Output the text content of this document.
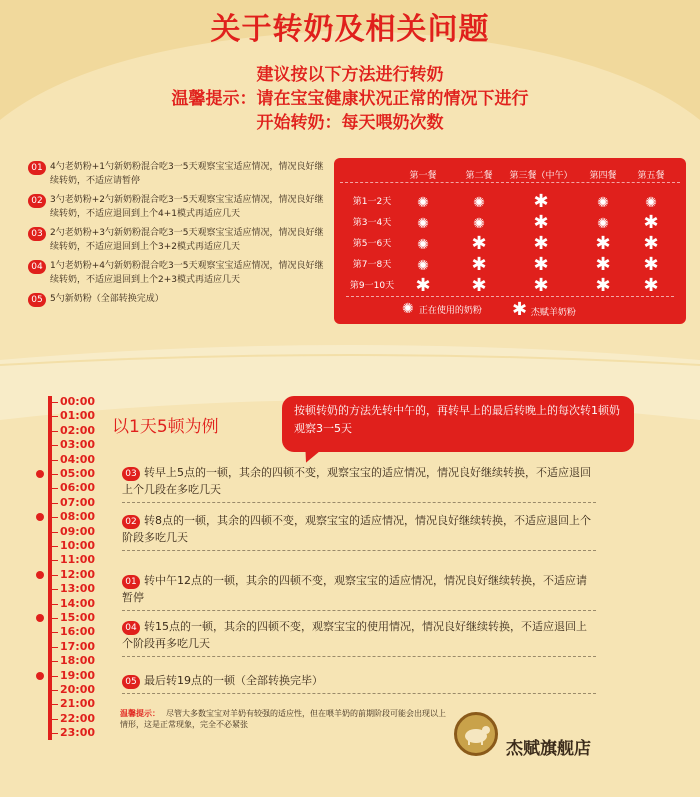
关于转奶及相关问题
建议按以下方法进行转奶
温馨提示：请在宝宝健康状况正常的情况下进行
开始转奶：每天喂奶次数
01 4勺老奶粉+1勺新奶粉混合吃3一5天观察宝宝适应情况，情况良好继续转奶，不适应请暂停
02 3勺老奶粉+2勺新奶粉混合吃3一5天观察宝宝适应情况，情况良好继续转奶，不适应退回到上个4+1模式再适应几天
03 2勺老奶粉+3勺新奶粉混合吃3一5天观察宝宝适应情况，情况良好继续转奶，不适应退回到上个3+2模式再适应几天
04 1勺老奶粉+4勺新奶粉混合吃3一5天观察宝宝适应情况，情况良好继续转奶，不适应退回到上个2+3模式再适应几天
05 5勺新奶粉（全部转换完成）
✺ 正在使用的奶粉 ✱ 杰赋羊奶粉
第一餐	第二餐	第三餐（中午）	第四餐	第五餐
第1一2天	✺	✺	✱	✺	✺
第3一4天	✺	✺	✱	✺	✱
第5一6天	✺	✱	✱	✱	✱
第7一8天	✺	✱	✱	✱	✱
第9一10天	✱	✱	✱	✱	✱
00:00
01:00
02:00
03:00
04:00
05:00
06:00
07:00
08:00
09:00
10:00
11:00
12:00
13:00
14:00
15:00
16:00
17:00
18:00
19:00
20:00
21:00
22:00
23:00
以1天5顿为例
按顿转奶的方法先转中午的，再转早上的最后转晚上的每次转1顿奶观察3一5天
03 转早上5点的一顿，其余的四顿不变，观察宝宝的适应情况，情况良好继续转换，不适应退回上个几段在多吃几天
02 转8点的一顿，其余的四顿不变，观察宝宝的适应情况，情况良好继续转换，不适应退回上个阶段多吃几天
01 转中午12点的一顿，其余的四顿不变，观察宝宝的适应情况，情况良好继续转换，不适应请暂停
04 转15点的一顿，其余的四顿不变，观察宝宝的使用情况，情况良好继续转换，不适应退回上个阶段再多吃几天
05 最后转19点的一顿（全部转换完毕）
温馨提示： 尽管大多数宝宝对羊奶有较强的适应性，但在喂羊奶的前期阶段可能会出现以上情形，这是正常现象，完全不必紧张
杰赋旗舰店
